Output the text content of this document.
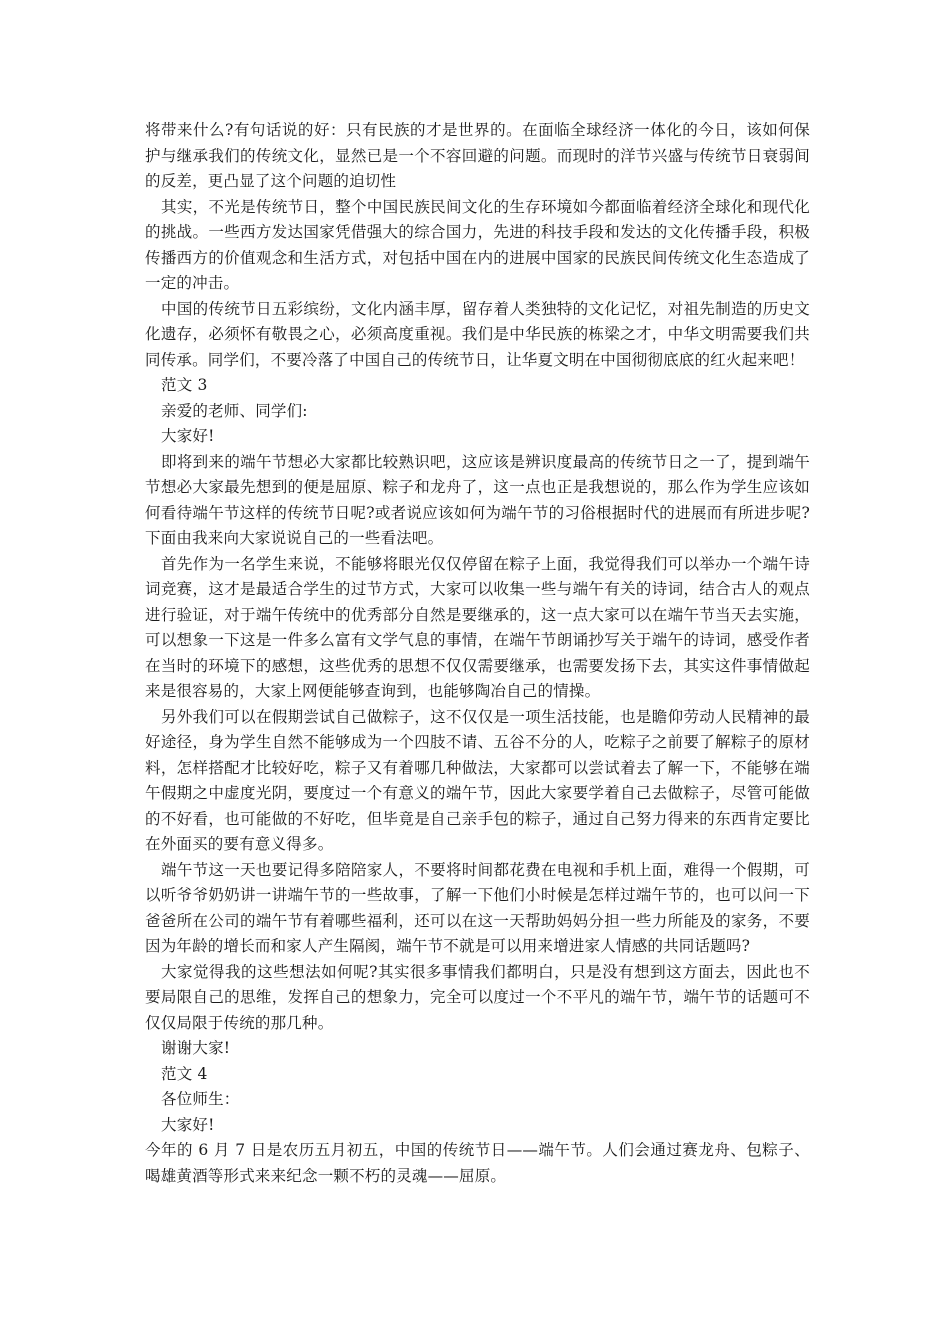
将带来什么?有句话说的好：只有民族的才是世界的。在面临全球经济一体化的今日，该如何保护与继承我们的传统文化，显然已是一个不容回避的问题。而现时的洋节兴盛与传统节日衰弱间的反差，更凸显了这个问题的迫切性

其实，不光是传统节日，整个中国民族民间文化的生存环境如今都面临着经济全球化和现代化的挑战。一些西方发达国家凭借强大的综合国力，先进的科技手段和发达的文化传播手段，积极传播西方的价值观念和生活方式，对包括中国在内的进展中国家的民族民间传统文化生态造成了一定的冲击。

中国的传统节日五彩缤纷，文化内涵丰厚，留存着人类独特的文化记忆，对祖先制造的历史文化遗存，必须怀有敬畏之心，必须高度重视。我们是中华民族的栋梁之才，中华文明需要我们共同传承。同学们，不要冷落了中国自己的传统节日，让华夏文明在中国彻彻底底的红火起来吧！

范文 3

亲爱的老师、同学们:

大家好!

即将到来的端午节想必大家都比较熟识吧，这应该是辨识度最高的传统节日之一了，提到端午节想必大家最先想到的便是屈原、粽子和龙舟了，这一点也正是我想说的，那么作为学生应该如何看待端午节这样的传统节日呢?或者说应该如何为端午节的习俗根据时代的进展而有所进步呢?下面由我来向大家说说自己的一些看法吧。

首先作为一名学生来说，不能够将眼光仅仅停留在粽子上面，我觉得我们可以举办一个端午诗词竞赛，这才是最适合学生的过节方式，大家可以收集一些与端午有关的诗词，结合古人的观点进行验证，对于端午传统中的优秀部分自然是要继承的，这一点大家可以在端午节当天去实施，可以想象一下这是一件多么富有文学气息的事情，在端午节朗诵抄写关于端午的诗词，感受作者在当时的环境下的感想，这些优秀的思想不仅仅需要继承，也需要发扬下去，其实这件事情做起来是很容易的，大家上网便能够查询到，也能够陶冶自己的情操。

另外我们可以在假期尝试自己做粽子，这不仅仅是一项生活技能，也是瞻仰劳动人民精神的最好途径，身为学生自然不能够成为一个四肢不请、五谷不分的人，吃粽子之前要了解粽子的原材料，怎样搭配才比较好吃，粽子又有着哪几种做法，大家都可以尝试着去了解一下，不能够在端午假期之中虚度光阴，要度过一个有意义的端午节，因此大家要学着自己去做粽子，尽管可能做的不好看，也可能做的不好吃，但毕竟是自己亲手包的粽子，通过自己努力得来的东西肯定要比在外面买的要有意义得多。

端午节这一天也要记得多陪陪家人，不要将时间都花费在电视和手机上面，难得一个假期，可以听爷爷奶奶讲一讲端午节的一些故事，了解一下他们小时候是怎样过端午节的，也可以问一下爸爸所在公司的端午节有着哪些福利，还可以在这一天帮助妈妈分担一些力所能及的家务，不要因为年龄的增长而和家人产生隔阂，端午节不就是可以用来增进家人情感的共同话题吗?

大家觉得我的这些想法如何呢?其实很多事情我们都明白，只是没有想到这方面去，因此也不要局限自己的思维，发挥自己的想象力，完全可以度过一个不平凡的端午节，端午节的话题可不仅仅局限于传统的那几种。

谢谢大家!

范文 4

各位师生：

大家好!

今年的 6 月 7 日是农历五月初五，中国的传统节日——端午节。人们会通过赛龙舟、包粽子、喝雄黄酒等形式来来纪念一颗不朽的灵魂——屈原。
